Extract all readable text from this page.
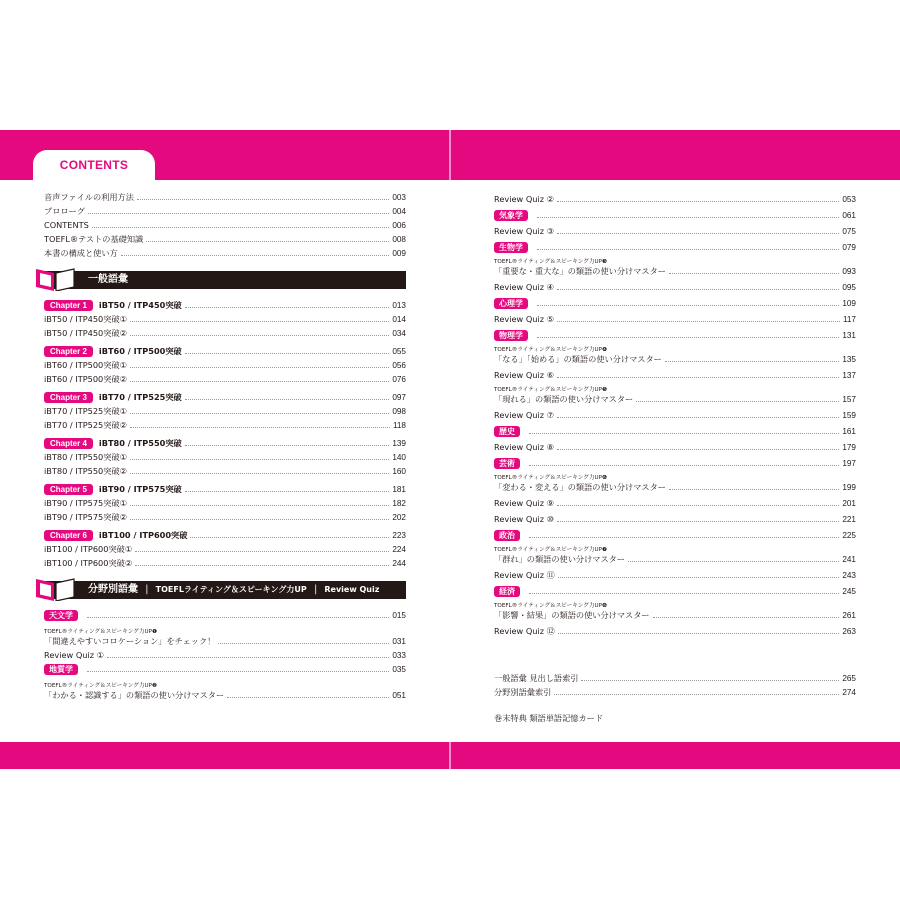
CONTENTS
音声ファイルの利用方法	003
プロローグ	004
CONTENTS	006
TOEFL®テストの基礎知識	008
本書の構成と使い方	009
一般語彙
Chapter 1 iBT50 / ITP450突破	013
iBT50 / ITP450突破①	014
iBT50 / ITP450突破②	034
Chapter 2 iBT60 / ITP500突破	055
iBT60 / ITP500突破①	056
iBT60 / ITP500突破②	076
Chapter 3 iBT70 / ITP525突破	097
iBT70 / ITP525突破①	098
iBT70 / ITP525突破②	118
Chapter 4 iBT80 / ITP550突破	139
iBT80 / ITP550突破①	140
iBT80 / ITP550突破②	160
Chapter 5 iBT90 / ITP575突破	181
iBT90 / ITP575突破①	182
iBT90 / ITP575突破②	202
Chapter 6 iBT100 / ITP600突破	223
iBT100 / ITP600突破①	224
iBT100 / ITP600突破②	244
分野別語彙 | TOEFLライティング＆スピーキング力UP | Review Quiz
天文学	015
TOEFL®ライティング＆スピーキング力UP❶
「間違えやすいコロケーション」をチェック！	031
Review Quiz ①	033
地質学	035
TOEFL®ライティング＆スピーキング力UP❷
「わかる・認識する」の類語の使い分けマスター	051
Review Quiz ②	053
気象学	061
Review Quiz ③	075
生物学	079
TOEFL®ライティング＆スピーキング力UP❸
「重要な・重大な」の類語の使い分けマスター	093
Review Quiz ④	095
心理学	109
Review Quiz ⑤	117
物理学	131
TOEFL®ライティング＆スピーキング力UP❹
「なる」「始める」の類語の使い分けマスター	135
Review Quiz ⑥	137
TOEFL®ライティング＆スピーキング力UP❺
「現れる」の類語の使い分けマスター	157
Review Quiz ⑦	159
歴史	161
Review Quiz ⑧	179
芸術	197
TOEFL®ライティング＆スピーキング力UP❻
「変わる・変える」の類語の使い分けマスター	199
Review Quiz ⑨	201
Review Quiz ⑩	221
政治	225
TOEFL®ライティング＆スピーキング力UP❼
「群れ」の類語の使い分けマスター	241
Review Quiz ⑪	243
経済	245
TOEFL®ライティング＆スピーキング力UP❽
「影響・結果」の類語の使い分けマスター	261
Review Quiz ⑫	263
一般語彙 見出し語索引	265
分野別語彙索引	274
巻末特典 類語単語記憶カード
